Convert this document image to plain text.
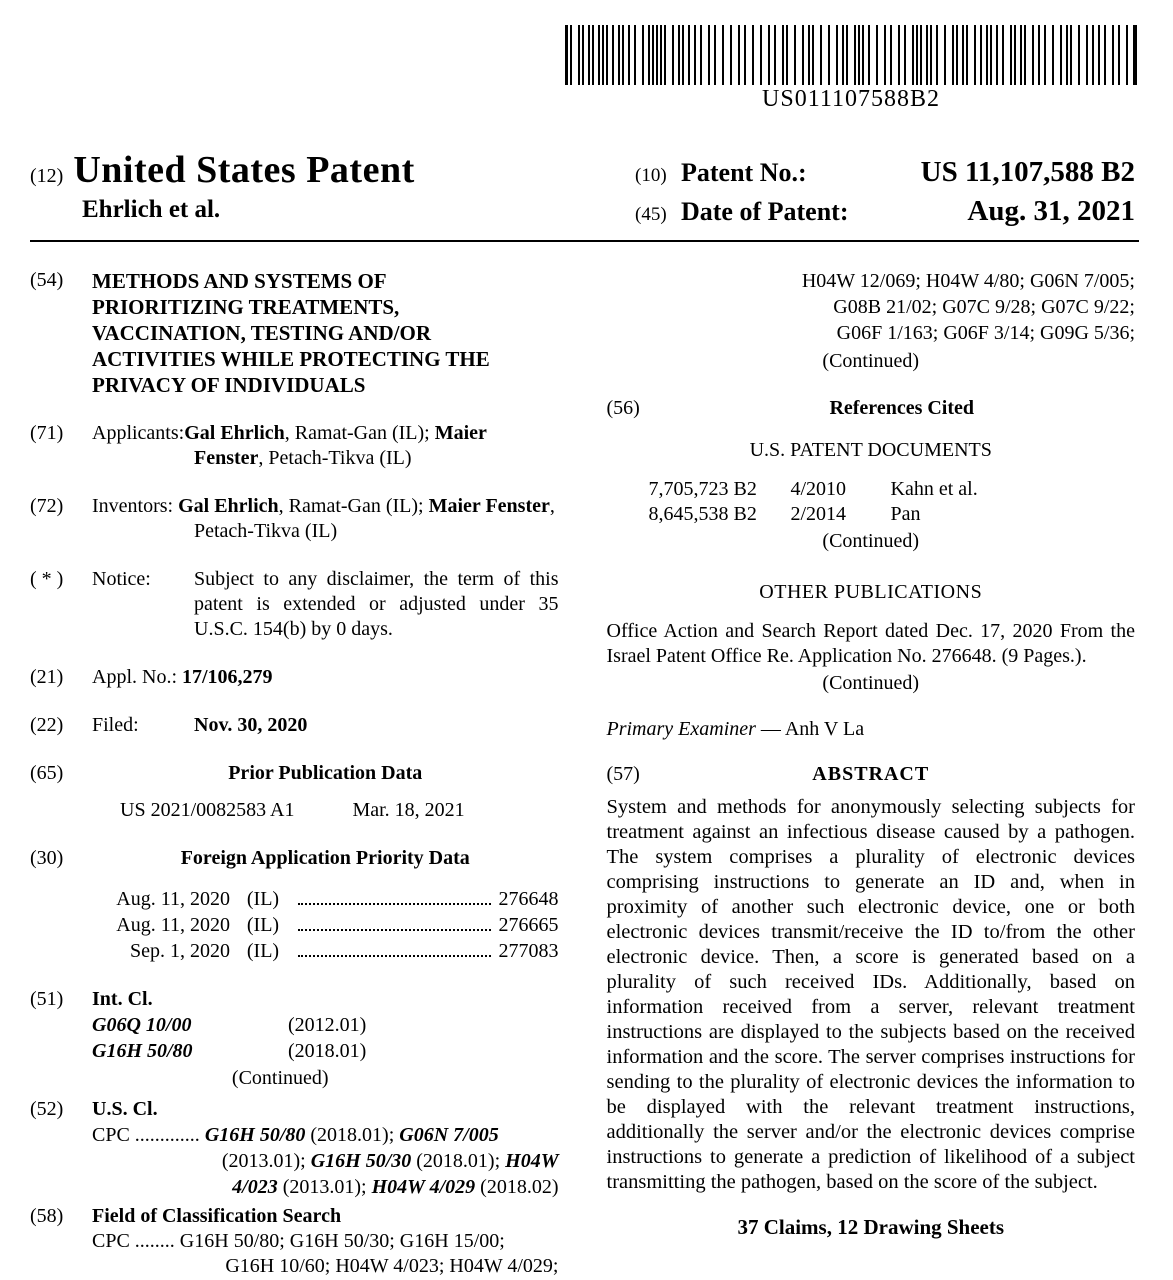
US011107588B2
(12) United States Patent
Ehrlich et al.
(10) Patent No.:	US 11,107,588 B2
(45) Date of Patent:	Aug. 31, 2021
(54)	METHODS AND SYSTEMS OF
PRIORITIZING TREATMENTS,
VACCINATION, TESTING AND/OR
ACTIVITIES WHILE PROTECTING THE
PRIVACY OF INDIVIDUALS
(71)	Applicants:Gal Ehrlich, Ramat-Gan (IL); Maier Fenster, Petach-Tikva (IL)
(72)	Inventors: Gal Ehrlich, Ramat-Gan (IL); Maier Fenster, Petach-Tikva (IL)
( * )	Notice:	Subject to any disclaimer, the term of this patent is extended or adjusted under 35 U.S.C. 154(b) by 0 days.
(21)	Appl. No.: 17/106,279
(22)	Filed:	Nov. 30, 2020
(65)	Prior Publication Data
US 2021/0082583 A1	Mar. 18, 2021
(30)	Foreign Application Priority Data
Aug. 11, 2020 (IL)	276648
Aug. 11, 2020 (IL)	276665
Sep. 1, 2020 (IL)	277083
(51)	Int. Cl.
G06Q 10/00	(2012.01)
G16H 50/80	(2018.01)
(Continued)
(52)	U.S. Cl.
CPC ............. G16H 50/80 (2018.01); G06N 7/005
(2013.01); G16H 50/30 (2018.01); H04W
4/023 (2013.01); H04W 4/029 (2018.02)
(58)	Field of Classification Search
CPC ........ G16H 50/80; G16H 50/30; G16H 15/00;
G16H 10/60; H04W 4/023; H04W 4/029;
H04W 12/069; H04W 4/80; G06N 7/005;
G08B 21/02; G07C 9/28; G07C 9/22;
G06F 1/163; G06F 3/14; G09G 5/36;
(Continued)
(56)	References Cited
U.S. PATENT DOCUMENTS
7,705,723 B2	4/2010	Kahn et al.
8,645,538 B2	2/2014	Pan
(Continued)
OTHER PUBLICATIONS
Office Action and Search Report dated Dec. 17, 2020 From the Israel Patent Office Re. Application No. 276648. (9 Pages.).
(Continued)
Primary Examiner — Anh V La
(57)	ABSTRACT
System and methods for anonymously selecting subjects for treatment against an infectious disease caused by a pathogen. The system comprises a plurality of electronic devices comprising instructions to generate an ID and, when in proximity of another such electronic device, one or both electronic devices transmit/receive the ID to/from the other electronic device. Then, a score is generated based on a plurality of such received IDs. Additionally, based on information received from a server, relevant treatment instructions are displayed to the subjects based on the received information and the score. The server comprises instructions for sending to the plurality of electronic devices the information to be displayed with the relevant treatment instructions, additionally the server and/or the electronic devices comprise instructions to generate a prediction of likelihood of a subject transmitting the pathogen, based on the score of the subject.
37 Claims, 12 Drawing Sheets
